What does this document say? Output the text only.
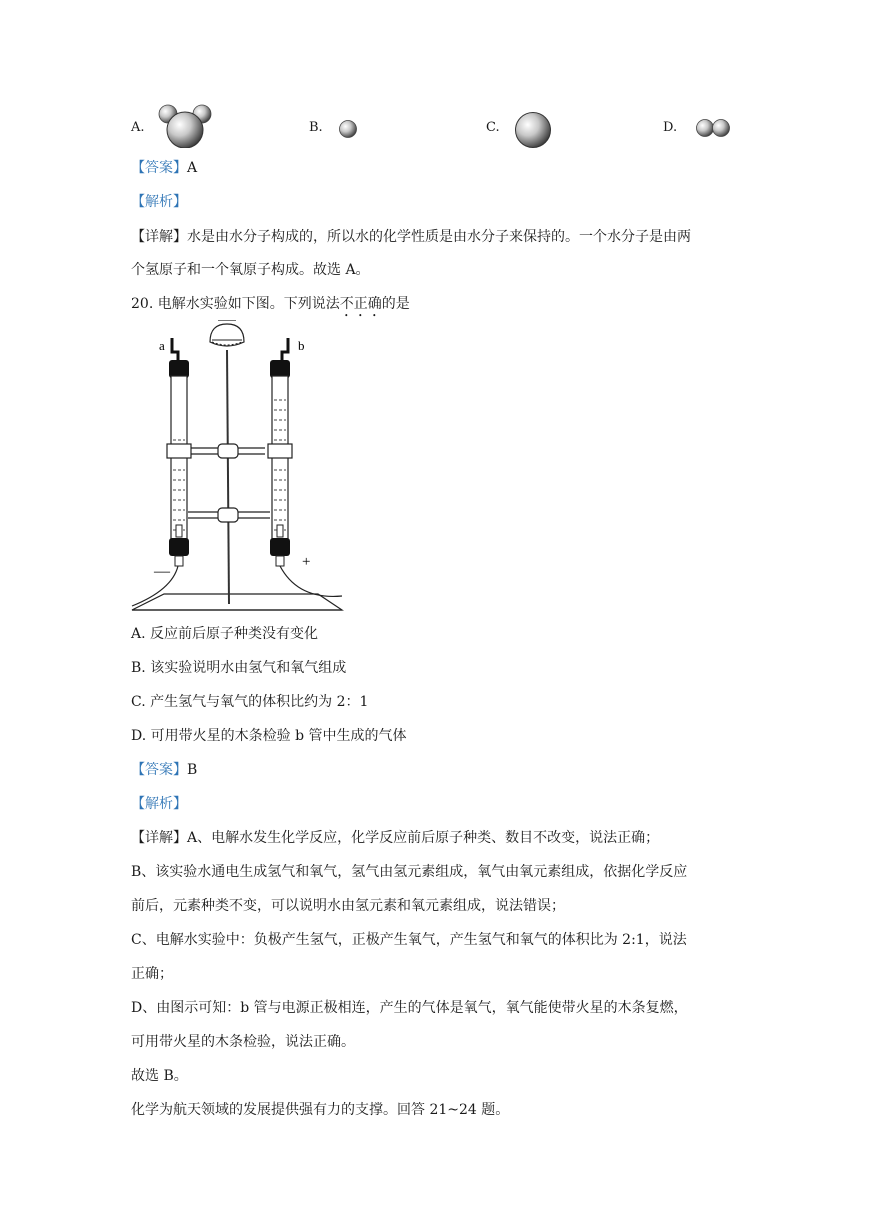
A.	B.	C.	D.
【答案】A
【解析】
【详解】水是由水分子构成的，所以水的化学性质是由水分子来保持的。一个水分子是由两
个氢原子和一个氧原子构成。故选 A。
20. 电解水实验如下图。下列说法不正确的是
a	b
—
+
A. 反应前后原子种类没有变化
B. 该实验说明水由氢气和氧气组成
C. 产生氢气与氧气的体积比约为 2：1
D. 可用带火星的木条检验 b 管中生成的气体
【答案】B
【解析】
【详解】A、电解水发生化学反应，化学反应前后原子种类、数目不改变，说法正确；
B、该实验水通电生成氢气和氧气，氢气由氢元素组成，氧气由氧元素组成，依据化学反应
前后，元素种类不变，可以说明水由氢元素和氧元素组成，说法错误；
C、电解水实验中：负极产生氢气，正极产生氧气，产生氢气和氧气的体积比为 2:1，说法
正确；
D、由图示可知：b 管与电源正极相连，产生的气体是氧气，氧气能使带火星的木条复燃，
可用带火星的木条检验，说法正确。
故选 B。
化学为航天领域的发展提供强有力的支撑。回答 21~24 题。
